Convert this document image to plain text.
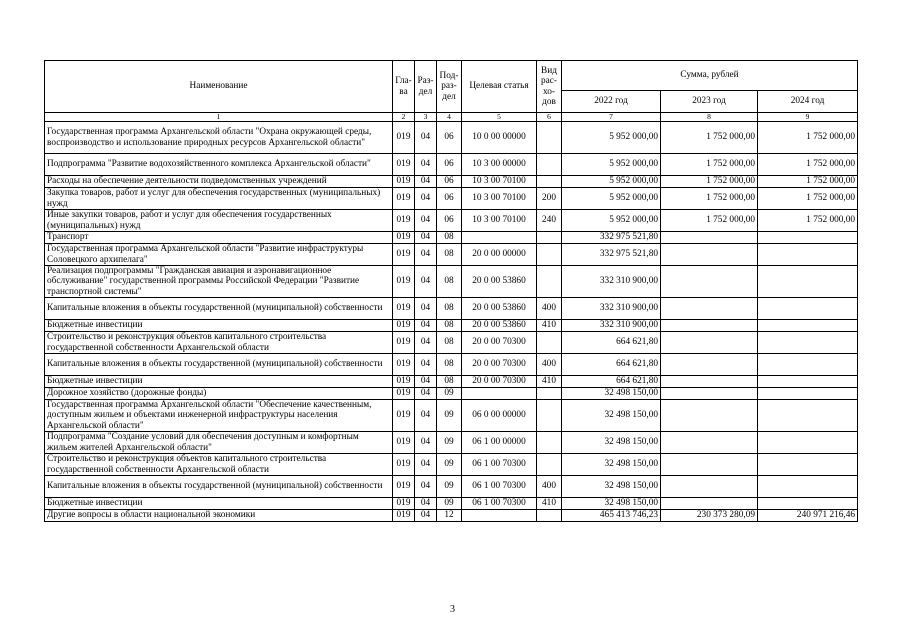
Наименование	Гла-ва	Раз-дел	Под-раз-дел	Целевая статья	Вид рас-хо-дов	Сумма, рублей		
						2022 год	2023 год	2024 год
1	2	3	4	5	6	7	8	9
Государственная программа Архангельской области "Охрана окружающей среды, воспроизводство и использование природных ресурсов Архангельской области"	019	04	06	10 0 00 00000		5 952 000,00	1 752 000,00	1 752 000,00
Подпрограмма "Развитие водохозяйственного комплекса Архангельской области"	019	04	06	10 3 00 00000		5 952 000,00	1 752 000,00	1 752 000,00
Расходы на обеспечение деятельности подведомственных учреждений	019	04	06	10 3 00 70100		5 952 000,00	1 752 000,00	1 752 000,00
Закупка товаров, работ и услуг для обеспечения государственных (муниципальных) нужд	019	04	06	10 3 00 70100	200	5 952 000,00	1 752 000,00	1 752 000,00
Иные закупки товаров, работ и услуг для обеспечения государственных (муниципальных) нужд	019	04	06	10 3 00 70100	240	5 952 000,00	1 752 000,00	1 752 000,00
Транспорт	019	04	08			332 975 521,80		
Государственная программа Архангельской области "Развитие инфраструктуры Соловецкого архипелага"	019	04	08	20 0 00 00000		332 975 521,80		
Реализация подпрограммы "Гражданская авиация и аэронавигационное обслуживание" государственной программы Российской Федерации "Развитие транспортной системы"	019	04	08	20 0 00 53860		332 310 900,00		
Капитальные вложения в объекты государственной (муниципальной) собственности	019	04	08	20 0 00 53860	400	332 310 900,00		
Бюджетные инвестиции	019	04	08	20 0 00 53860	410	332 310 900,00		
Строительство и реконструкция объектов капитального строительства государственной собственности Архангельской области	019	04	08	20 0 00 70300		664 621,80		
Капитальные вложения в объекты государственной (муниципальной) собственности	019	04	08	20 0 00 70300	400	664 621,80		
Бюджетные инвестиции	019	04	08	20 0 00 70300	410	664 621,80		
Дорожное хозяйство (дорожные фонды)	019	04	09			32 498 150,00		
Государственная программа Архангельской области "Обеспечение качественным, доступным жильем и объектами инженерной инфраструктуры населения Архангельской области"	019	04	09	06 0 00 00000		32 498 150,00		
Подпрограмма "Создание условий для обеспечения доступным и комфортным жильем жителей Архангельской области"	019	04	09	06 1 00 00000		32 498 150,00		
Строительство и реконструкция объектов капитального строительства государственной собственности Архангельской области	019	04	09	06 1 00 70300		32 498 150,00		
Капитальные вложения в объекты государственной (муниципальной) собственности	019	04	09	06 1 00 70300	400	32 498 150,00		
Бюджетные инвестиции	019	04	09	06 1 00 70300	410	32 498 150,00		
Другие вопросы в области национальной экономики	019	04	12			465 413 746,23	230 373 280,09	240 971 216,46
3
